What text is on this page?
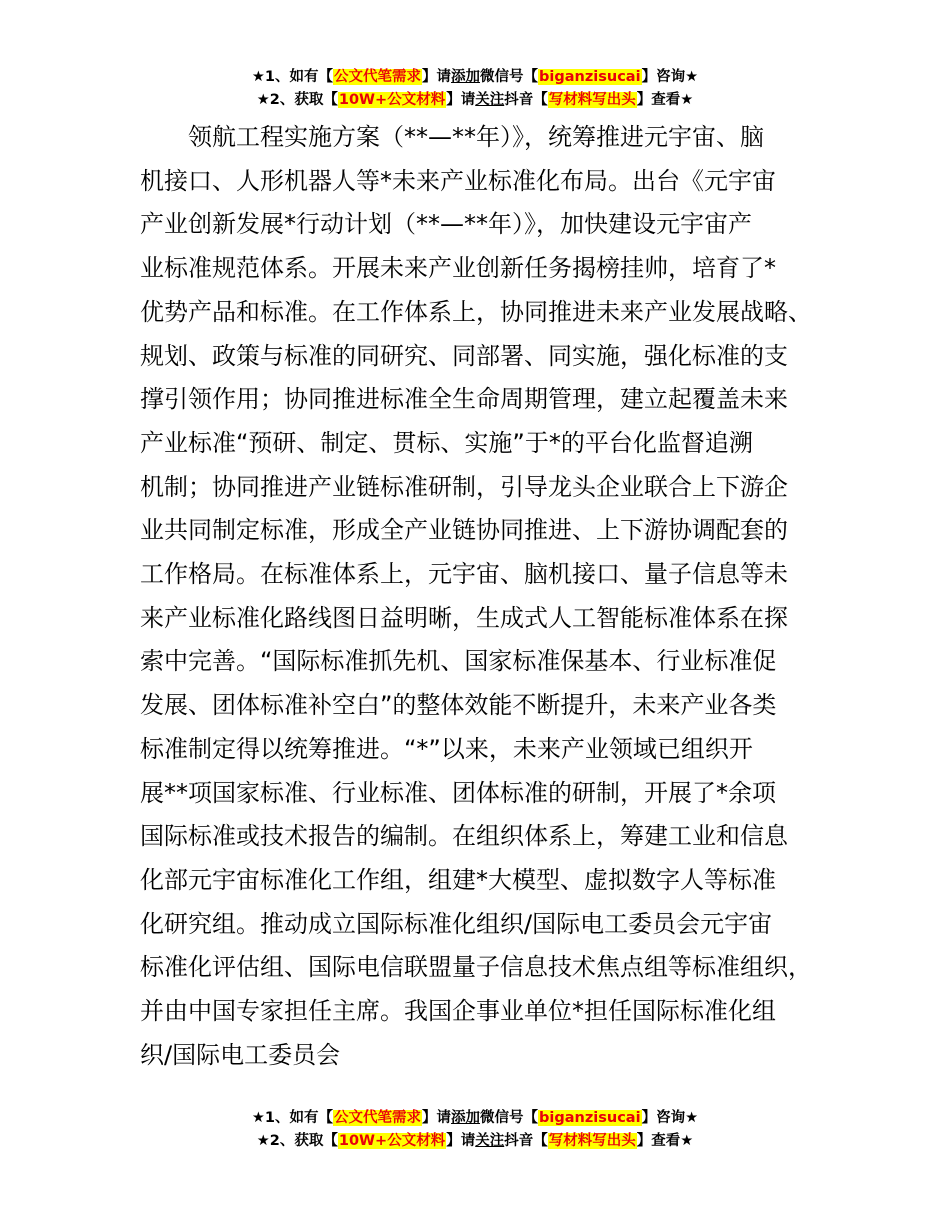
★1、如有【公文代笔需求】请添加微信号【biganzisucai】咨询★
★2、获取【10W+公文材料】请关注抖音【写材料写出头】查看★
　　领航工程实施方案（**—**年）》，统筹推进元宇宙、脑
机接口、人形机器人等*未来产业标准化布局。出台《元宇宙
产业创新发展*行动计划（**—**年）》，加快建设元宇宙产
业标准规范体系。开展未来产业创新任务揭榜挂帅，培育了*
优势产品和标准。在工作体系上，协同推进未来产业发展战略、
规划、政策与标准的同研究、同部署、同实施，强化标准的支
撑引领作用；协同推进标准全生命周期管理，建立起覆盖未来
产业标准“预研、制定、贯标、实施”于*的平台化监督追溯
机制；协同推进产业链标准研制，引导龙头企业联合上下游企
业共同制定标准，形成全产业链协同推进、上下游协调配套的
工作格局。在标准体系上，元宇宙、脑机接口、量子信息等未
来产业标准化路线图日益明晰，生成式人工智能标准体系在探
索中完善。“国际标准抓先机、国家标准保基本、行业标准促
发展、团体标准补空白”的整体效能不断提升，未来产业各类
标准制定得以统筹推进。“*”以来，未来产业领域已组织开
展**项国家标准、行业标准、团体标准的研制，开展了*余项
国际标准或技术报告的编制。在组织体系上，筹建工业和信息
化部元宇宙标准化工作组，组建*大模型、虚拟数字人等标准
化研究组。推动成立国际标准化组织/国际电工委员会元宇宙
标准化评估组、国际电信联盟量子信息技术焦点组等标准组织，
并由中国专家担任主席。我国企事业单位*担任国际标准化组
织/国际电工委员会
★1、如有【公文代笔需求】请添加微信号【biganzisucai】咨询★
★2、获取【10W+公文材料】请关注抖音【写材料写出头】查看★
